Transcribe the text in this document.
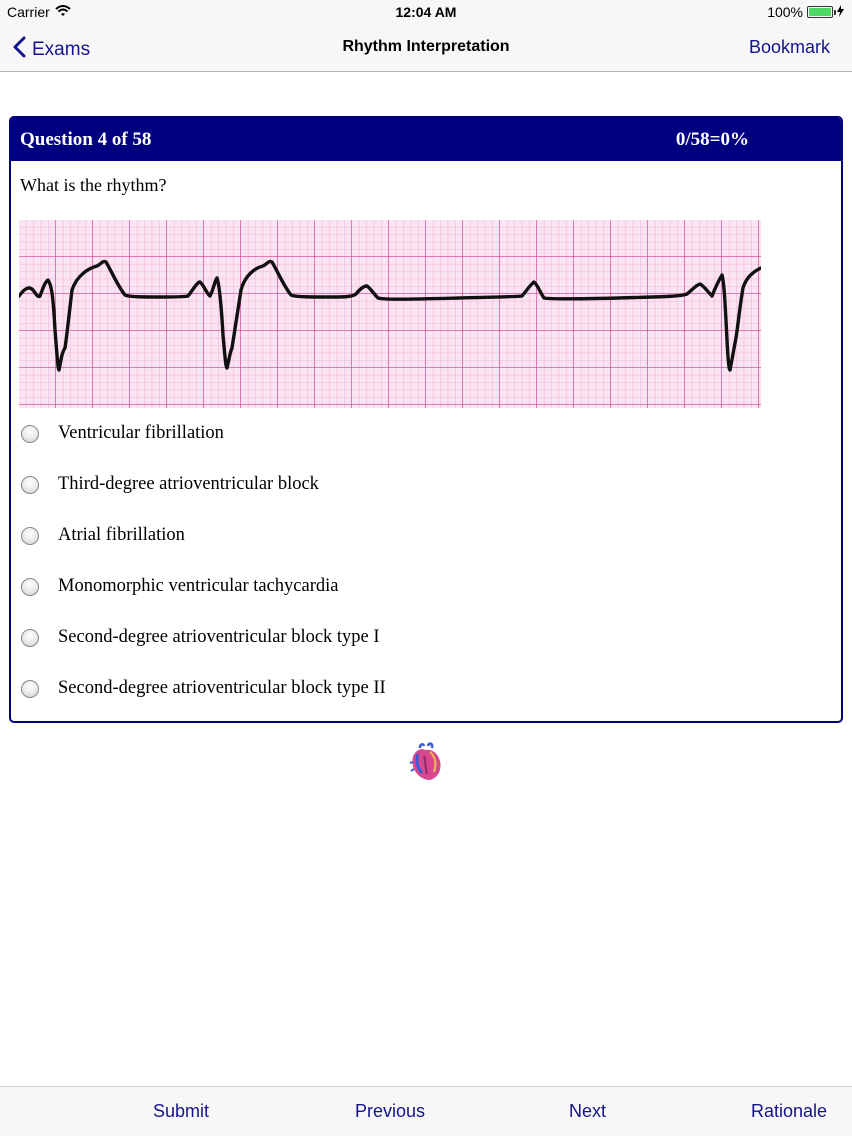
Carrier	12:04 AM	100%
Exams	Rhythm Interpretation	Bookmark
Question 4 of 58	0/58=0%
What is the rhythm?
Ventricular fibrillation
Third-degree atrioventricular block
Atrial fibrillation
Monomorphic ventricular tachycardia
Second-degree atrioventricular block type I
Second-degree atrioventricular block type II
Submit	Previous	Next	Rationale
